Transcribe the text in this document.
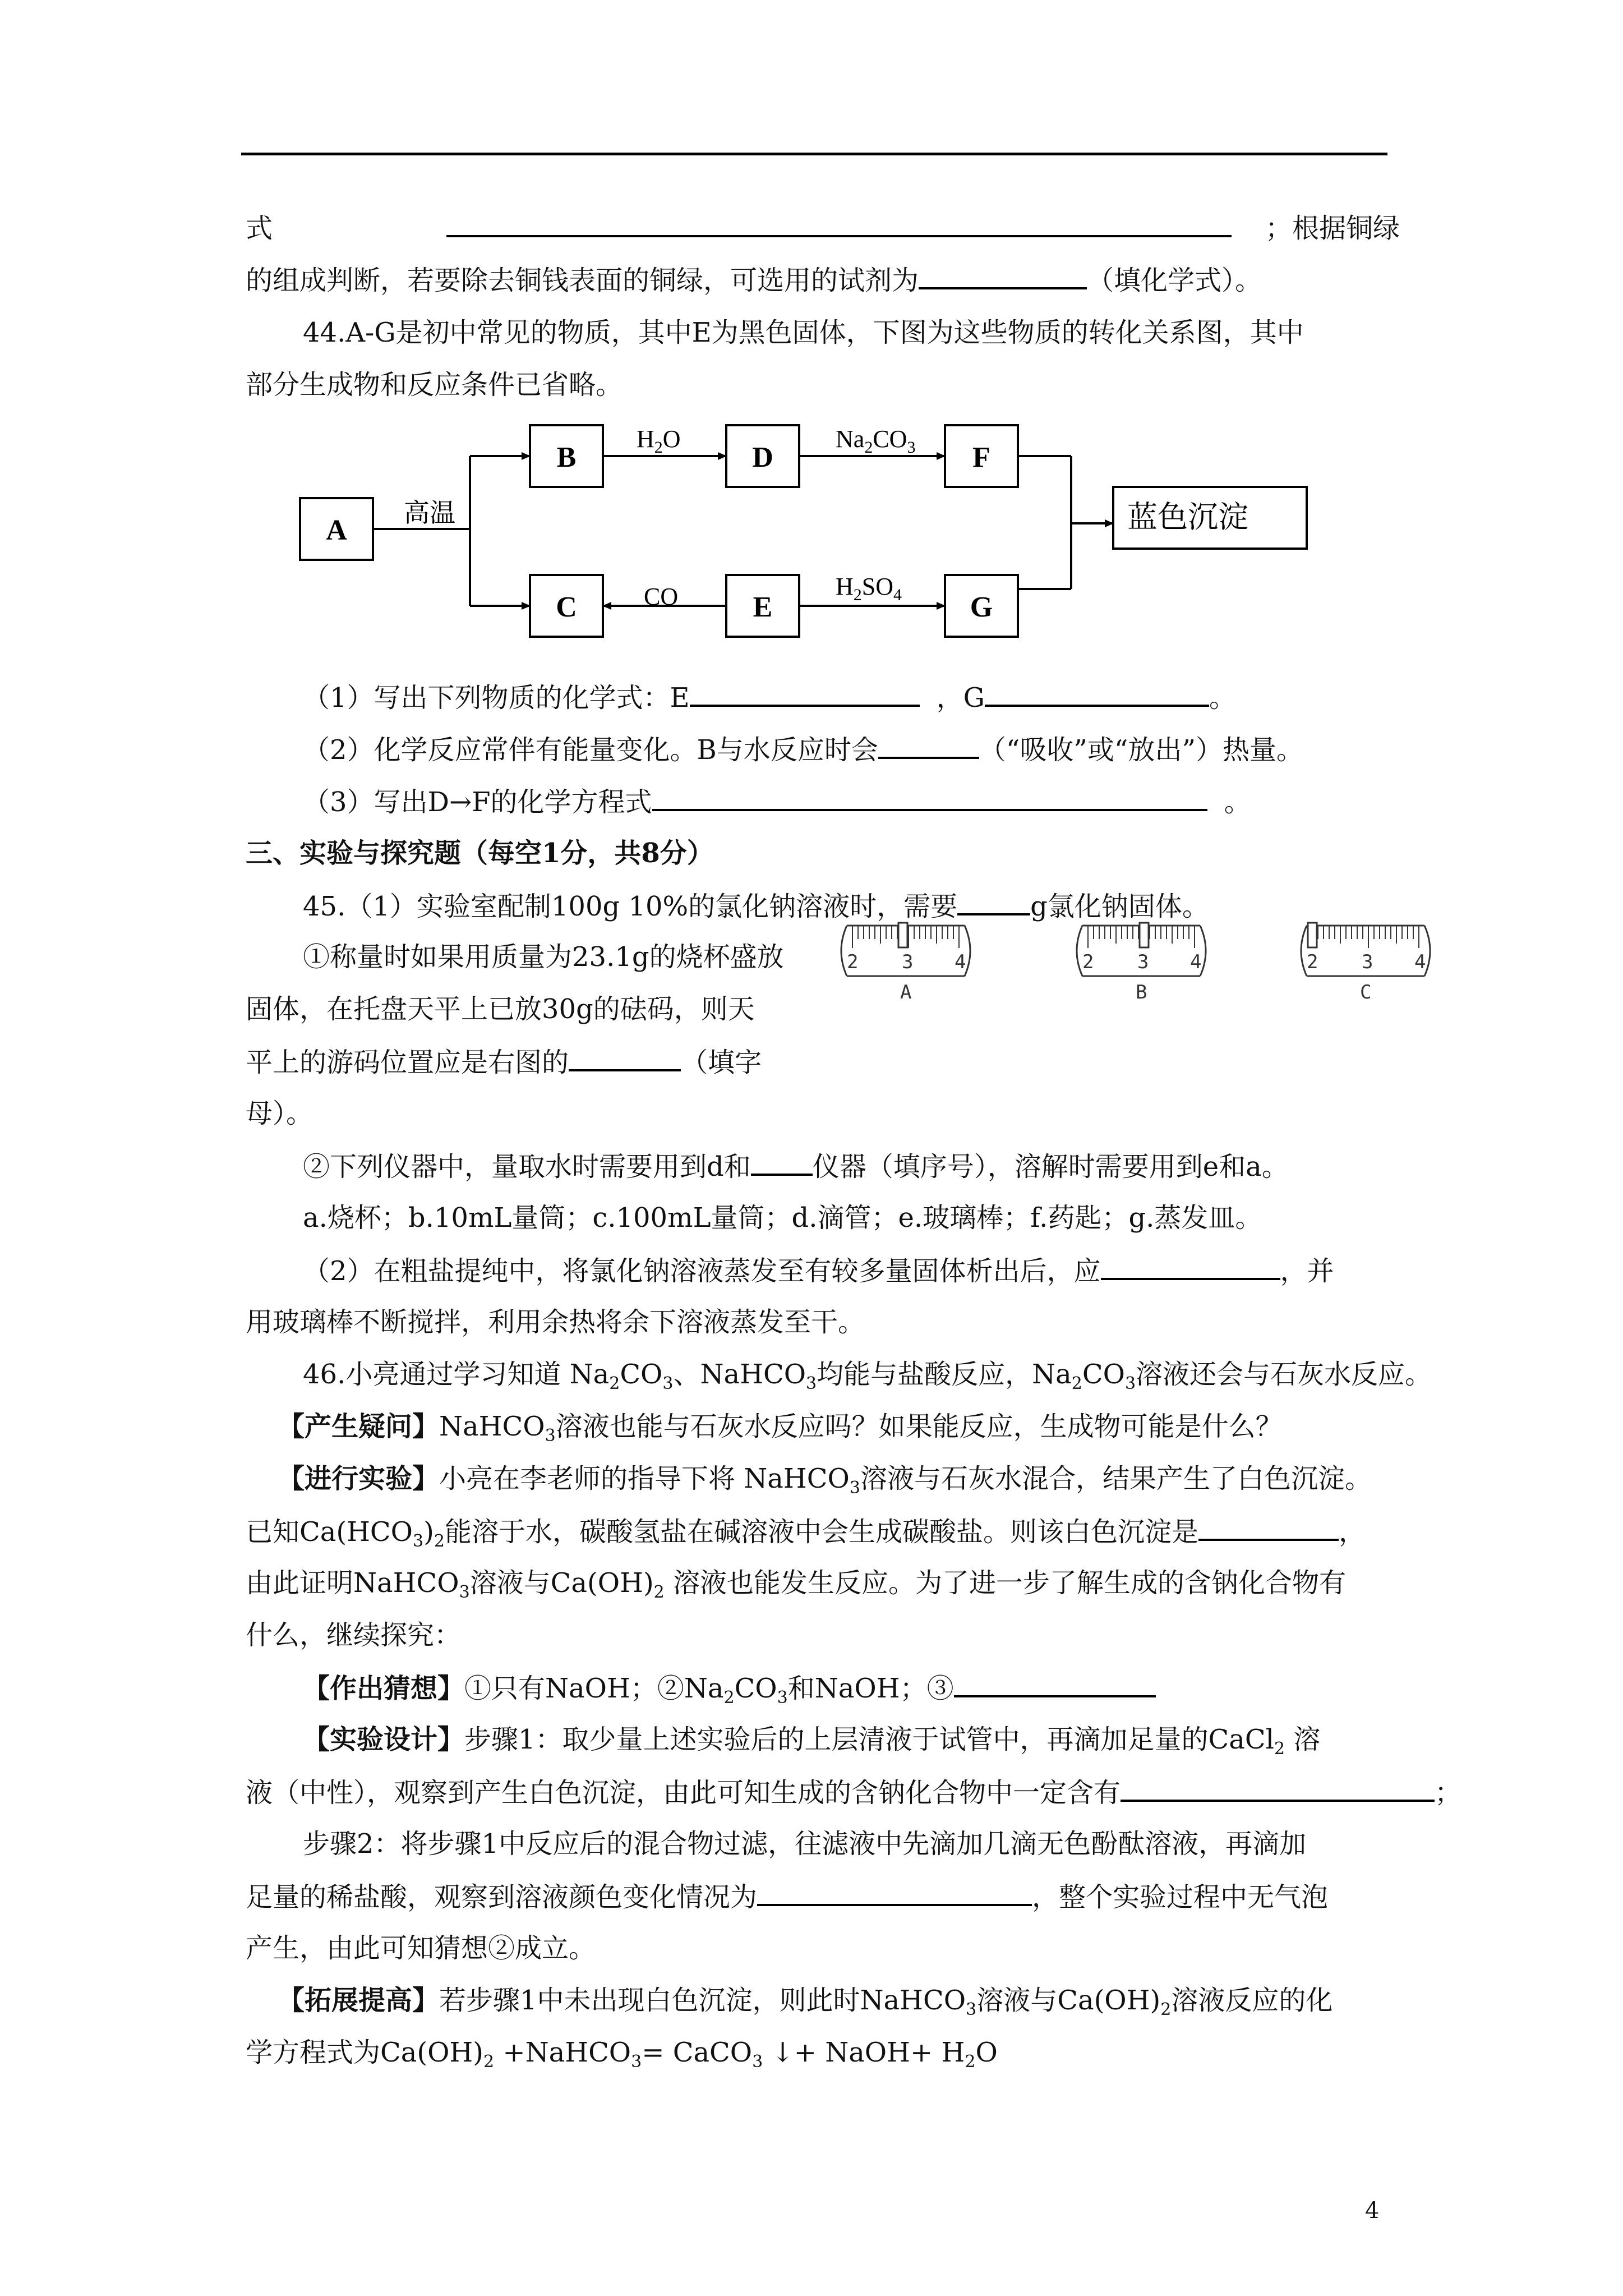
式	；根据铜绿
的组成判断，若要除去铜钱表面的铜绿，可选用的试剂为	（填化学式）。
44.A-G是初中常见的物质，其中E为黑色固体，下图为这些物质的转化关系图，其中
部分生成物和反应条件已省略。
A
B	D	F
C	E	G
蓝色沉淀
高温
$H_2O$	$Na_2CO_3$
CO	$H_2SO_4$
（1）写出下列物质的化学式：E	，G	。
（2）化学反应常伴有能量变化。B与水反应时会	（“吸收”或“放出”）热量。
（3）写出D→F的化学方程式	。
三、实验与探究题（每空1分，共8分）
45.（1）实验室配制100g 10%的氯化钠溶液时，需要	g氯化钠固体。
①称量时如果用质量为23.1g的烧杯盛放
固体，在托盘天平上已放30g的砝码，则天
平上的游码位置应是右图的	（填字
母）。
2 3 4
A
2 3 4
B
2 3 4
C
②下列仪器中，量取水时需要用到d和 仪器（填序号），溶解时需要用到e和a。
a.烧杯；b.10mL量筒；c.100mL量筒；d.滴管；e.玻璃棒；f.药匙；g.蒸发皿。
（2）在粗盐提纯中，将氯化钠溶液蒸发至有较多量固体析出后，应	，并
用玻璃棒不断搅拌，利用余热将余下溶液蒸发至干。
46.小亮通过学习知道 $Na_2CO_3$、NaHCO$_3$均能与盐酸反应，$Na_2CO_3$溶液还会与石灰水反应。
【产生疑问】NaHCO$_3$溶液也能与石灰水反应吗？如果能反应，生成物可能是什么？
【进行实验】小亮在李老师的指导下将 NaHCO$_3$溶液与石灰水混合，结果产生了白色沉淀。
已知$Ca(HCO_3)_2$能溶于水，碳酸氢盐在碱溶液中会生成碳酸盐。则该白色沉淀是	，
由此证明NaHCO$_3$溶液与$Ca(OH)_2$ 溶液也能发生反应。为了进一步了解生成的含钠化合物有
什么，继续探究：
【作出猜想】①只有NaOH；$②Na_2CO_3$和NaOH；③
【实验设计】步骤1：取少量上述实验后的上层清液于试管中，再滴加足量的CaCl$_2$ 溶
液（中性），观察到产生白色沉淀，由此可知生成的含钠化合物中一定含有	；
步骤2：将步骤1中反应后的混合物过滤，往滤液中先滴加几滴无色酚酞溶液，再滴加
足量的稀盐酸，观察到溶液颜色变化情况为	，整个实验过程中无气泡
产生，由此可知猜想②成立。
【拓展提高】若步骤1中未出现白色沉淀，则此时NaHCO$_3$溶液与$Ca(OH)_2$溶液反应的化
学方程式为$Ca(OH)_2$ +NaHCO$_3$= CaCO$_3$ ↓+ NaOH+ $H_2O$
4
